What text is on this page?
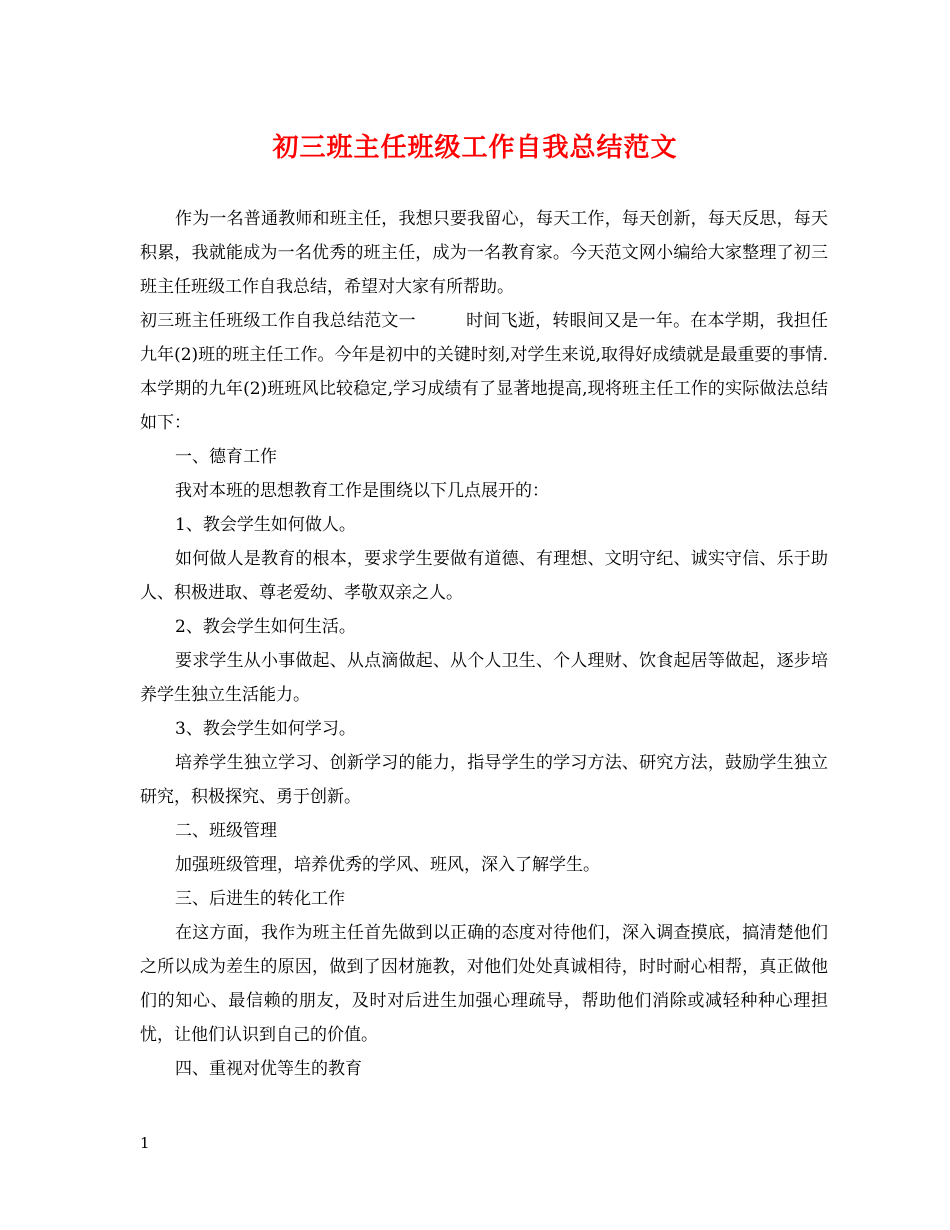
初三班主任班级工作自我总结范文

作为一名普通教师和班主任，我想只要我留心，每天工作，每天创新，每天反思，每天积累，我就能成为一名优秀的班主任，成为一名教育家。今天范文网小编给大家整理了初三班主任班级工作自我总结，希望对大家有所帮助。

初三班主任班级工作自我总结范文一	时间飞逝，转眼间又是一年。在本学期，我担任九年(2)班的班主任工作。今年是初中的关键时刻,对学生来说,取得好成绩就是最重要的事情.本学期的九年(2)班班风比较稳定,学习成绩有了显著地提高,现将班主任工作的实际做法总结如下：

一、德育工作

我对本班的思想教育工作是围绕以下几点展开的：

1、教会学生如何做人。

如何做人是教育的根本，要求学生要做有道德、有理想、文明守纪、诚实守信、乐于助人、积极进取、尊老爱幼、孝敬双亲之人。

2、教会学生如何生活。

要求学生从小事做起、从点滴做起、从个人卫生、个人理财、饮食起居等做起，逐步培养学生独立生活能力。

3、教会学生如何学习。

培养学生独立学习、创新学习的能力，指导学生的学习方法、研究方法，鼓励学生独立研究，积极探究、勇于创新。

二、班级管理

加强班级管理，培养优秀的学风、班风，深入了解学生。

三、后进生的转化工作

在这方面，我作为班主任首先做到以正确的态度对待他们，深入调查摸底，搞清楚他们之所以成为差生的原因，做到了因材施教，对他们处处真诚相待，时时耐心相帮，真正做他们的知心、最信赖的朋友，及时对后进生加强心理疏导，帮助他们消除或减轻种种心理担忧，让他们认识到自己的价值。

四、重视对优等生的教育

1
